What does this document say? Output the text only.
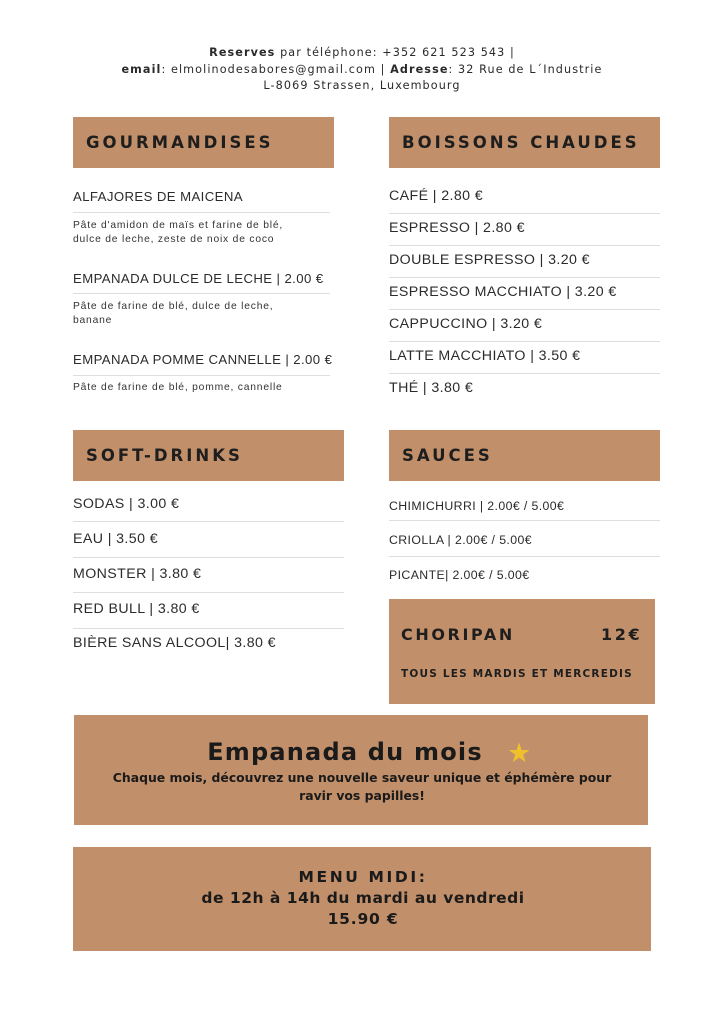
Reserves par téléphone: +352 621 523 543 |
email: elmolinodesabores@gmail.com | Adresse: 32 Rue de L´Industrie
L-8069 Strassen, Luxembourg
GOURMANDISES
ALFAJORES DE MAICENA
Pâte d'amidon de maïs et farine de blé,
dulce de leche, zeste de noix de coco
EMPANADA DULCE DE LECHE | 2.00 €
Pâte de farine de blé, dulce de leche,
banane
EMPANADA POMME CANNELLE | 2.00 €
Pâte de farine de blé, pomme, cannelle
BOISSONS CHAUDES
CAFÉ | 2.80 €
ESPRESSO | 2.80 €
DOUBLE ESPRESSO | 3.20 €
ESPRESSO MACCHIATO | 3.20 €
CAPPUCCINO | 3.20 €
LATTE MACCHIATO | 3.50 €
THÉ | 3.80 €
SOFT-DRINKS
SODAS | 3.00 €
EAU | 3.50 €
MONSTER | 3.80 €
RED BULL | 3.80 €
BIÈRE SANS ALCOOL| 3.80 €
SAUCES
CHIMICHURRI | 2.00€ / 5.00€
CRIOLLA | 2.00€ / 5.00€
PICANTE| 2.00€ / 5.00€
CHORIPAN	12€
TOUS LES MARDIS ET MERCREDIS
Empanada du mois ★
Chaque mois, découvrez une nouvelle saveur unique et éphémère pour
ravir vos papilles!
MENU MIDI:
de 12h à 14h du mardi au vendredi
15.90 €
